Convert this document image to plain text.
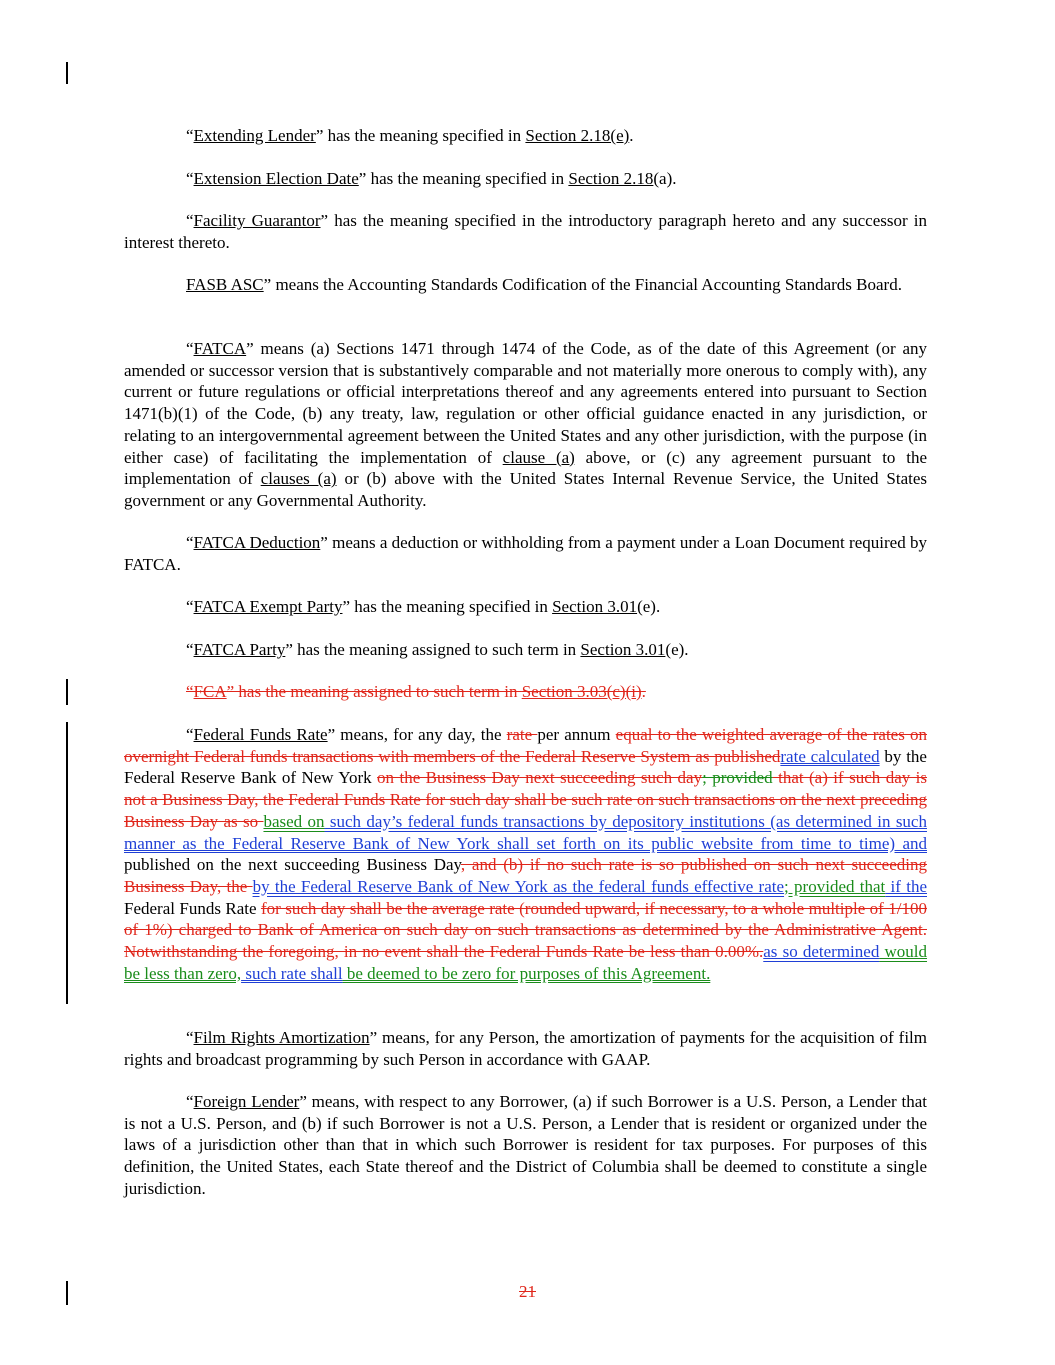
“Extending Lender” has the meaning specified in Section 2.18(e).
“Extension Election Date” has the meaning specified in Section 2.18(a).
“Facility Guarantor” has the meaning specified in the introductory paragraph hereto and any successor in interest thereto.
FASB ASC” means the Accounting Standards Codification of the Financial Accounting Standards Board.
“FATCA” means (a) Sections 1471 through 1474 of the Code, as of the date of this Agreement (or any amended or successor version that is substantively comparable and not materially more onerous to comply with), any current or future regulations or official interpretations thereof and any agreements entered into pursuant to Section 1471(b)(1) of the Code, (b) any treaty, law, regulation or other official guidance enacted in any jurisdiction, or relating to an intergovernmental agreement between the United States and any other jurisdiction, with the purpose (in either case) of facilitating the implementation of clause (a) above, or (c) any agreement pursuant to the implementation of clauses (a) or (b) above with the United States Internal Revenue Service, the United States government or any Governmental Authority.
“FATCA Deduction” means a deduction or withholding from a payment under a Loan Document required by FATCA.
“FATCA Exempt Party” has the meaning specified in Section 3.01(e).
“FATCA Party” has the meaning assigned to such term in Section 3.01(e).
“FCA” has the meaning assigned to such term in Section 3.03(c)(i).
“Federal Funds Rate” means, for any day, the rate per annum equal to the weighted average of the rates on overnight Federal funds transactions with members of the Federal Reserve System as publishedrate calculated by the Federal Reserve Bank of New York on the Business Day next succeeding such day; provided that (a) if such day is not a Business Day, the Federal Funds Rate for such day shall be such rate on such transactions on the next preceding Business Day as so based on such day’s federal funds transactions by depository institutions (as determined in such manner as the Federal Reserve Bank of New York shall set forth on its public website from time to time) and published on the next succeeding Business Day, and (b) if no such rate is so published on such next succeeding Business Day, the by the Federal Reserve Bank of New York as the federal funds effective rate; provided that if the Federal Funds Rate for such day shall be the average rate (rounded upward, if necessary, to a whole multiple of 1/100 of 1%) charged to Bank of America on such day on such transactions as determined by the Administrative Agent. Notwithstanding the foregoing, in no event shall the Federal Funds Rate be less than 0.00%.as so determined would be less than zero, such rate shall be deemed to be zero for purposes of this Agreement.
“Film Rights Amortization” means, for any Person, the amortization of payments for the acquisition of film rights and broadcast programming by such Person in accordance with GAAP.
“Foreign Lender” means, with respect to any Borrower, (a) if such Borrower is a U.S. Person, a Lender that is not a U.S. Person, and (b) if such Borrower is not a U.S. Person, a Lender that is resident or organized under the laws of a jurisdiction other than that in which such Borrower is resident for tax purposes. For purposes of this definition, the United States, each State thereof and the District of Columbia shall be deemed to constitute a single jurisdiction.
21
